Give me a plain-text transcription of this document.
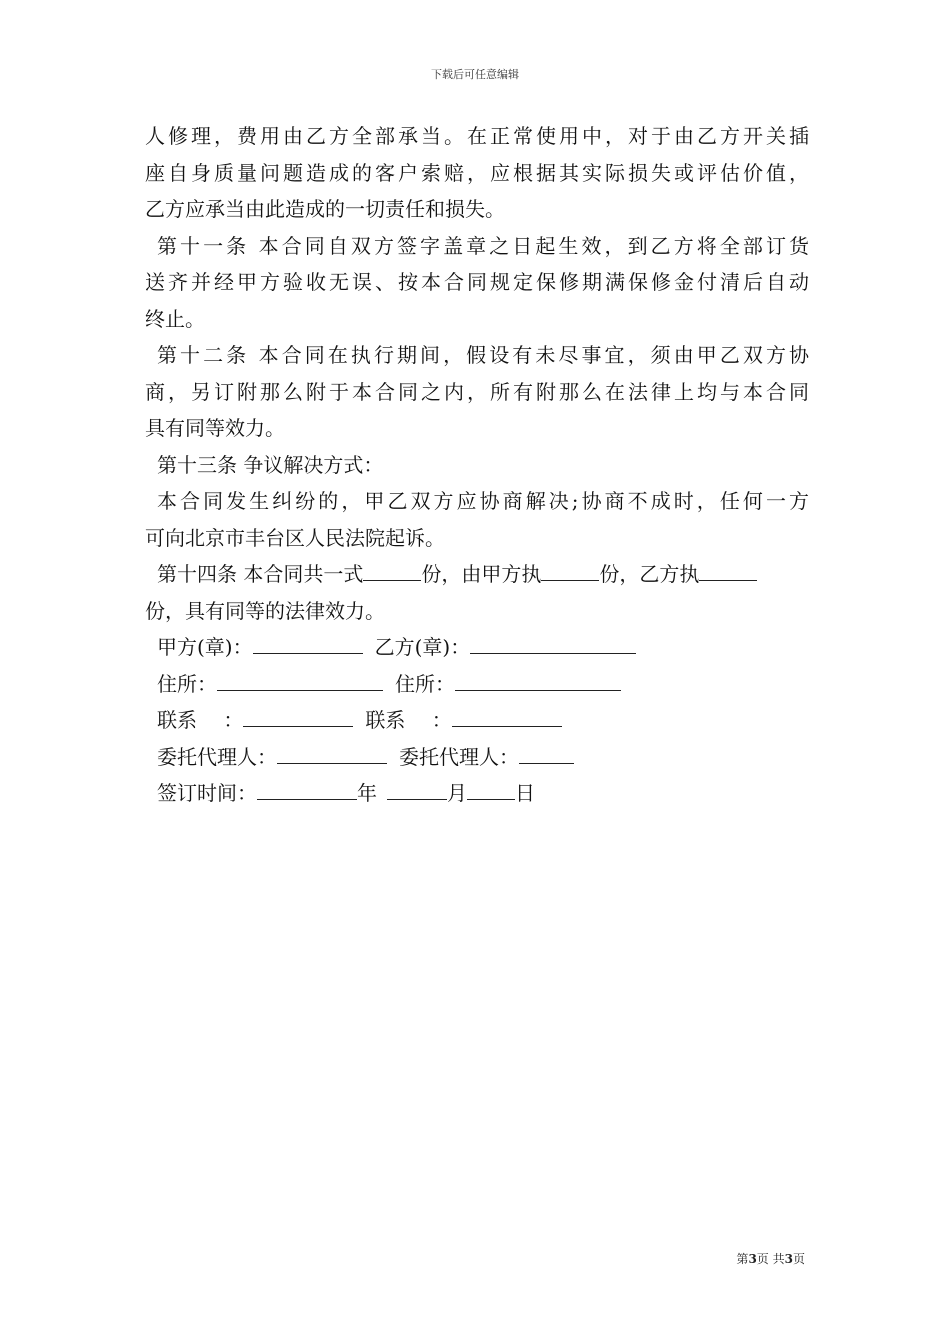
下载后可任意编辑
人修理，费用由乙方全部承当。在正常使用中，对于由乙方开关插
座自身质量问题造成的客户索赔，应根据其实际损失或评估价值，
乙方应承当由此造成的一切责任和损失。
第十一条 本合同自双方签字盖章之日起生效，到乙方将全部订货
送齐并经甲方验收无误、按本合同规定保修期满保修金付清后自动
终止。
第十二条 本合同在执行期间，假设有未尽事宜，须由甲乙双方协
商，另订附那么附于本合同之内，所有附那么在法律上均与本合同
具有同等效力。
第十三条 争议解决方式：
本合同发生纠纷的，甲乙双方应协商解决;协商不成时，任何一方
可向北京市丰台区人民法院起诉。
第十四条 本合同共一式	份，由甲方执	份，乙方执
份，具有同等的法律效力。
甲方(章)：	乙方(章)：
住所：	住所：
联系　 ：	联系　 ：
委托代理人：	委托代理人：
签订时间：	年	月 日
第3页 共3页
